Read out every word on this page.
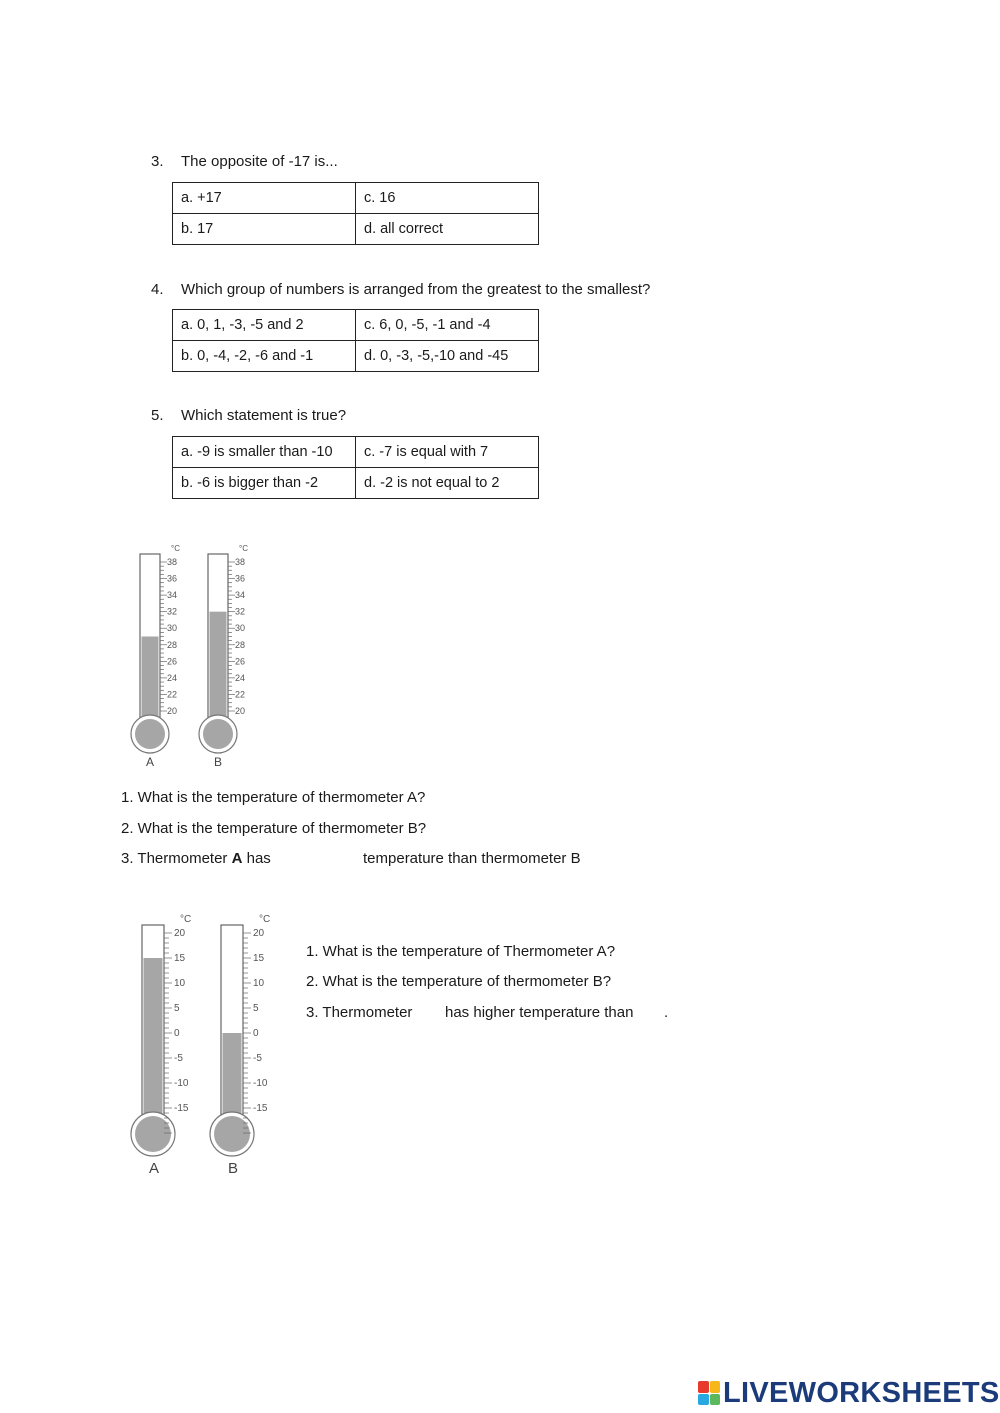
3. The opposite of -17 is...
a. +17	c. 16
b. 17	d. all correct
4. Which group of numbers is arranged from the greatest to the smallest?
a. 0, 1, -3, -5 and 2	c. 6, 0, -5, -1 and -4
b. 0, -4, -2, -6 and -1	d. 0, -3, -5,-10 and -45
5. Which statement is true?
a. -9 is smaller than -10	c. -7 is equal with 7
b. -6 is bigger than -2	d. -2 is not equal to 2
38
36
34
32
30
28
26
24
22
20
°C
A
38
36
34
32
30
28
26
24
22
20
°C
B
1. What is the temperature of thermometer A?
2. What is the temperature of thermometer B?
3. Thermometer A has	temperature than thermometer B
20
15
10
5
0
-5
-10
-15
°C
A
20
15
10
5
0
-5
-10
-15
°C
B
1. What is the temperature of Thermometer A?
2. What is the temperature of thermometer B?
3. Thermometer has higher temperature than .
LIVEWORKSHEETS
